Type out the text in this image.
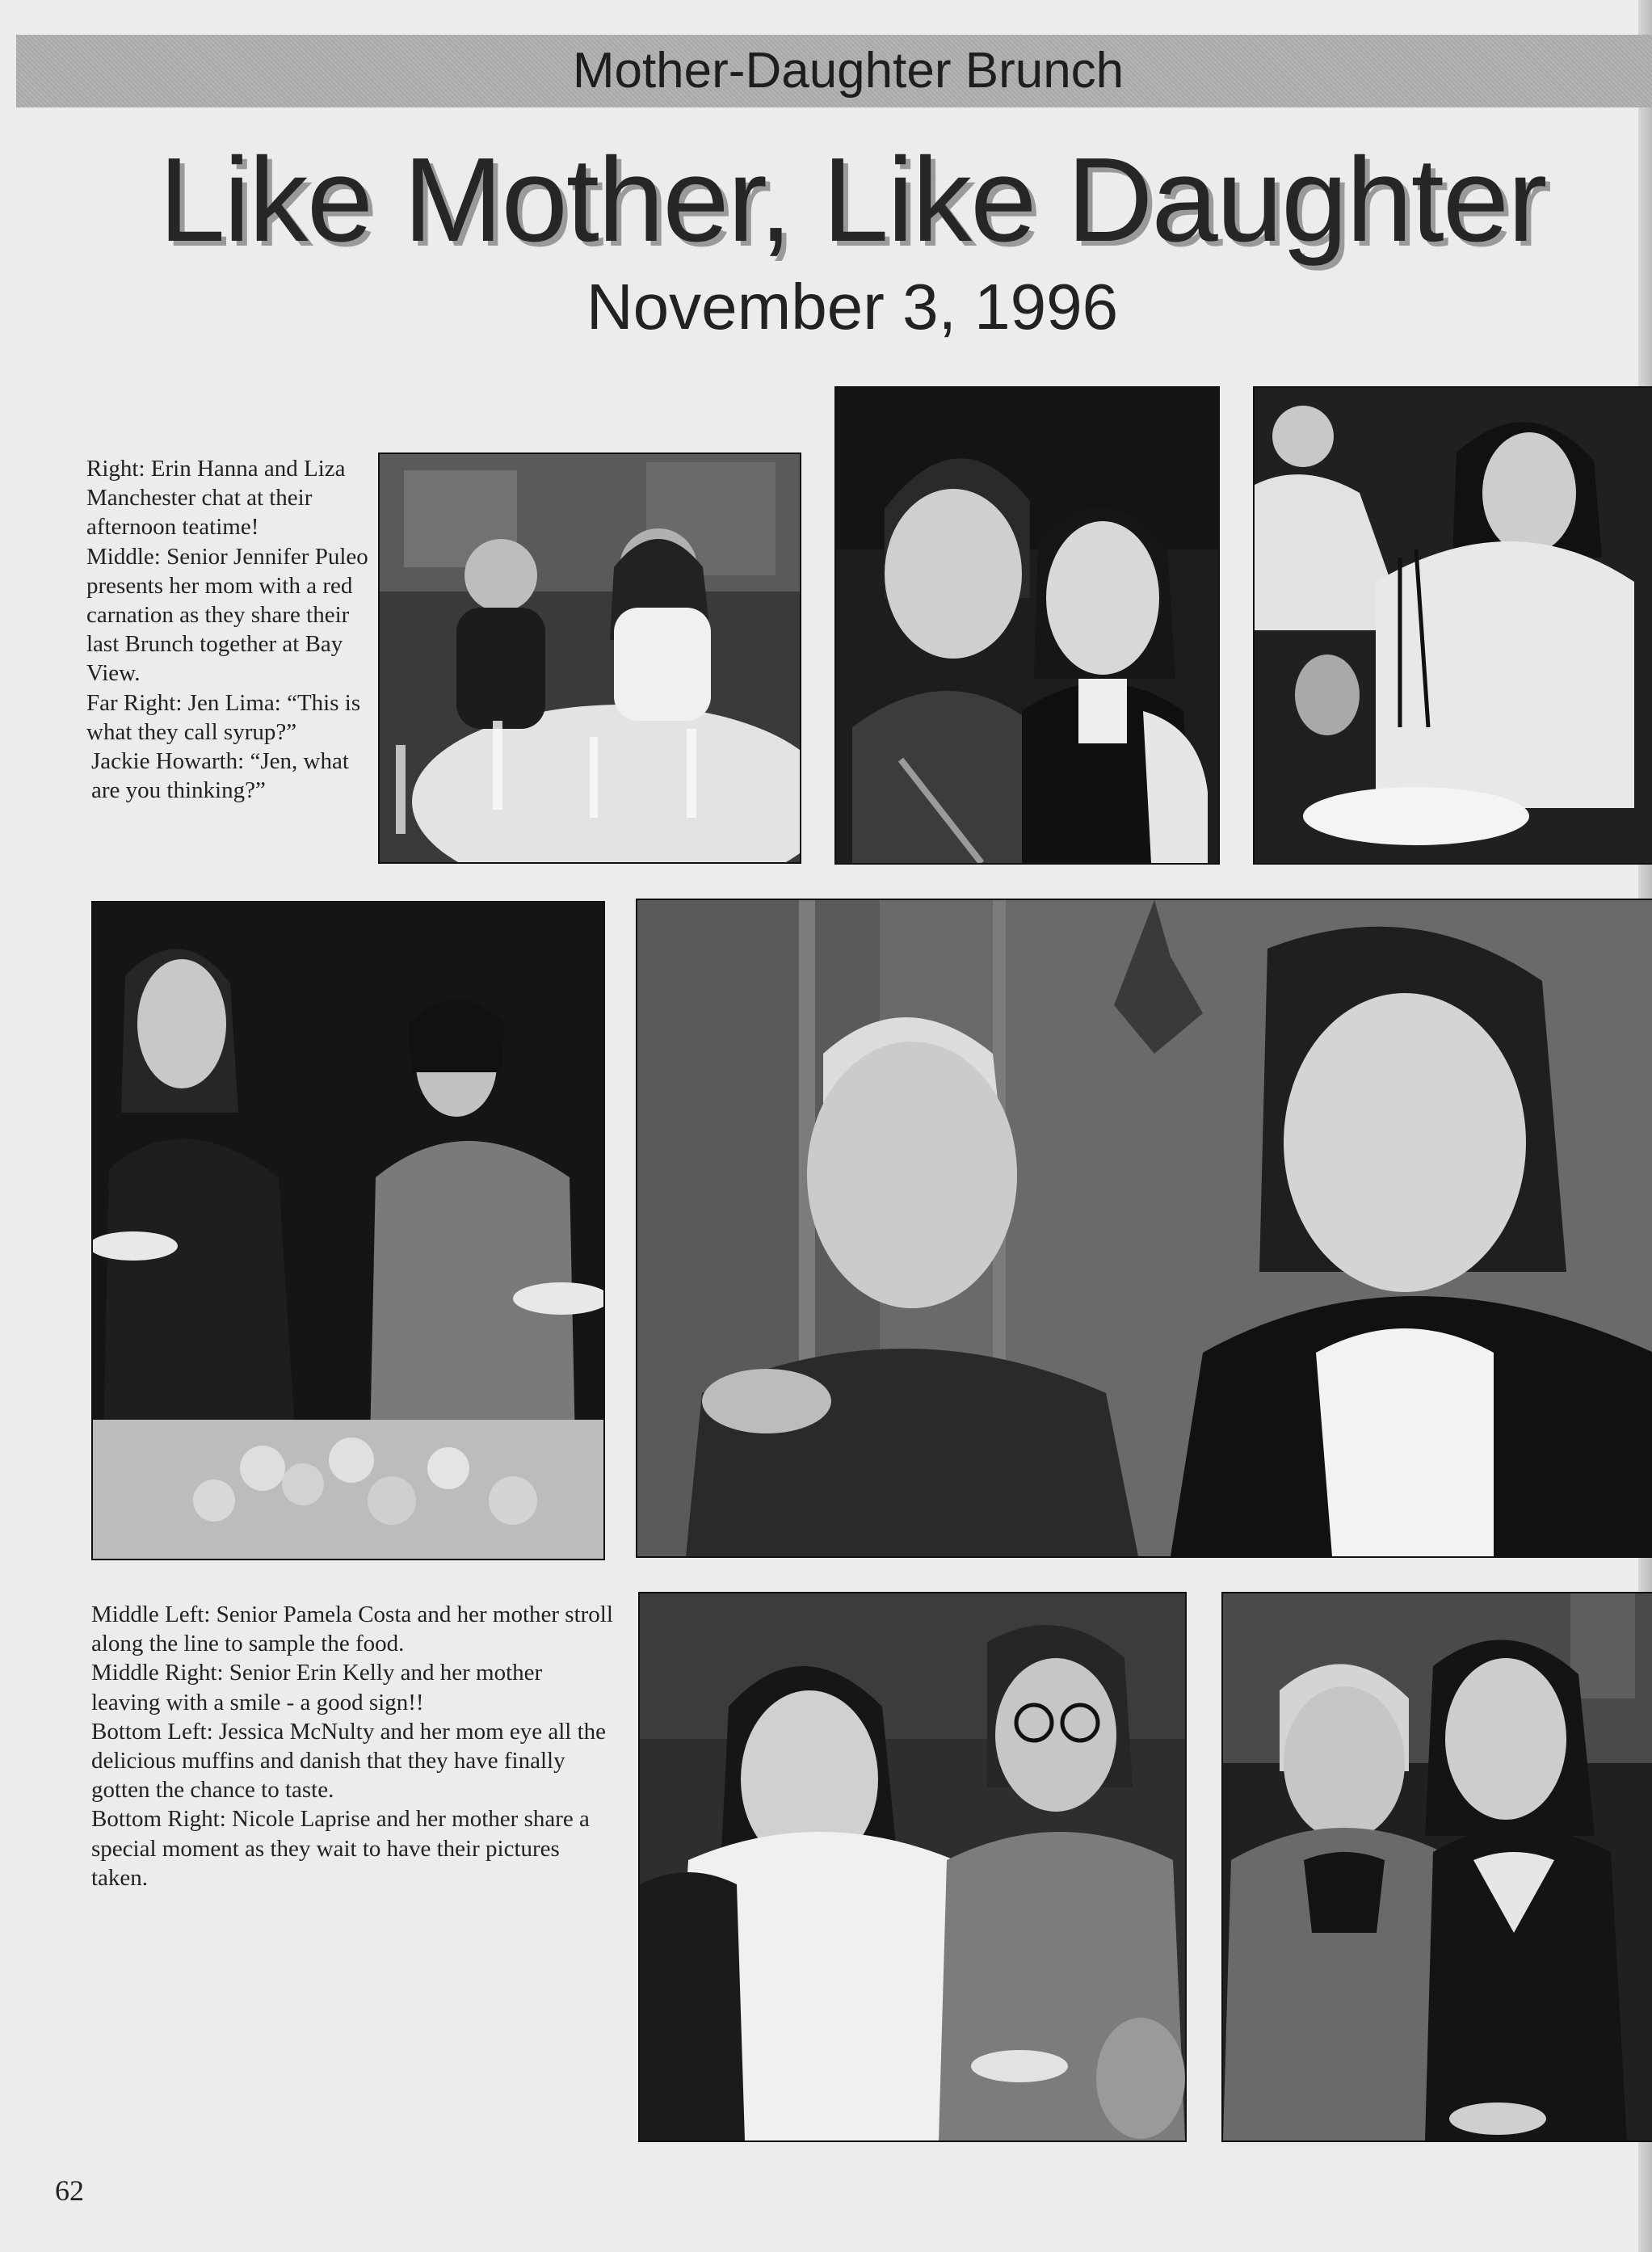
Mother-Daughter Brunch
Like Mother, Like Daughter
November 3, 1996

Right: Erin Hanna and Liza Manchester chat at their afternoon teatime!

Middle: Senior Jennifer Puleo presents her mom with a red carnation as they share their last Brunch together at Bay View.

Far Right: Jen Lima: “This is what they call syrup?”

Jackie Howarth: “Jen, what are you thinking?”

Middle Left: Senior Pamela Costa and her mother stroll along the line to sample the food.

Middle Right: Senior Erin Kelly and her mother leaving with a smile - a good sign!!

Bottom Left: Jessica McNulty and her mom eye all the delicious muffins and danish that they have finally gotten the chance to taste.

Bottom Right: Nicole Laprise and her mother share a special moment as they wait to have their pictures taken.

62
